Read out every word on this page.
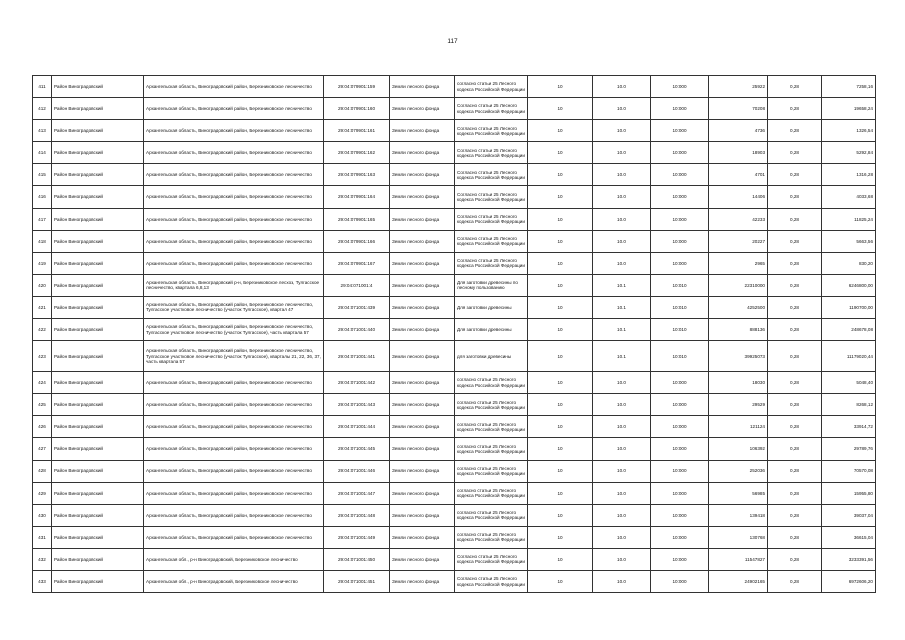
117
411	Район Виноградовский	Архангельская область, Виноградовский район, Березниковское лесничество	29:04:079901:159	Земли лесного фонда	согласно статьи 25 Лесного кодекса Российской Федерации	10	10.0	10:000	25922	0,28	7258,16
412	Район Виноградовский	Архангельская область, Виноградовский район, Березниковское лесничество	29:04:079901:160	Земли лесного фонда	Согласно статьи 25 Лесного кодекса Российской Федерации	10	10.0	10:000	70208	0,28	19658,24
413	Район Виноградовский	Архангельская область, Виноградовский район, Березниковское лесничество	29:04:079901:161	Земли лесного фонда	Согласно статьи 25 Лесного кодекса Российской Федерации	10	10.0	10:000	4736	0,28	1326,54
414	Район Виноградовский	Архангельская область, Виноградовский район, Березниковское лесничество	29:04:079901:162	Земли лесного фонда	Согласно статьи 25 Лесного кодекса Российской Федерации	10	10.0	10:000	18903	0,28	5292,84
415	Район Виноградовский	Архангельская область, Виноградовский район, Березниковское лесничество	29:04:079901:163	Земли лесного фонда	Согласно статьи 25 Лесного кодекса Российской Федерации	10	10.0	10:000	4701	0,28	1316,28
416	Район Виноградовский	Архангельская область, Виноградовский район, Березниковское лесничество	29:04:079901:164	Земли лесного фонда	Согласно статьи 25 Лесного кодекса Российской Федерации	10	10.0	10:000	14406	0,28	4033,68
417	Район Виноградовский	Архангельская область, Виноградовский район, Березниковское лесничество	29:04:079901:165	Земли лесного фонда	Согласно статьи 25 Лесного кодекса Российской Федерации	10	10.0	10:000	42233	0,28	11825,24
418	Район Виноградовский	Архангельская область, Виноградовский район, Березниковское лесничество	29:04:079901:166	Земли лесного фонда	Согласно статьи 25 Лесного кодекса Российской Федерации	10	10.0	10:000	20227	0,28	5663,56
419	Район Виноградовский	Архангельская область, Виноградовский район, Березниковское лесничество	29:04:079901:167	Земли лесного фонда	Согласно статьи 25 Лесного кодекса Российской Федерации	10	10.0	10:000	2965	0,28	830,20
420	Район Виноградовский	Архангельская область, Виноградовский р-н, Березниковское лесхоз, Тулгасское лесничество, квартала 6,8,13	29:04:071001:4	Земли лесного фонда	Для заготовки древесины по лесному пользованию	10	10.1	10:010	22310000	0,28	6246800,00
421	Район Виноградовский	Архангельская область, Виноградовский район, Березниковское лесничество, Тулгасское участковое лесничество (участок Тулгасское), квартал 47	29:04:071001:439	Земли лесного фонда	Для заготовки древесины	10	10.1	10:010	4252500	0,28	1190700,00
422	Район Виноградовский	Архангельская область, Виноградовский район, Березниковское лесничество, Тулгасское участковое лесничество (участок Тулгасское), часть квартала 57	29:04:071001:440	Земли лесного фонда	Для заготовки древесины	10	10.1	10:010	888136	0,28	248678,08
423	Район Виноградовский	Архангельская область, Виноградовский район, Березниковское лесничество, Тулгасское участковое лесничество (участок Тулгасское), кварталы 21, 22, 36, 37, часть квартала 57	29:04:071001:441	Земли лесного фонда	для заготовки древесины	10	10.1	10:010	39925073	0,28	11179020,44
424	Район Виноградовский	Архангельская область, Виноградовский район, Березниковское лесничество	29:04:071001:442	Земли лесного фонда	согласно статьи 25 Лесного кодекса Российской Федерации	10	10.0	10:000	18030	0,28	5048,40
425	Район Виноградовский	Архангельская область, Виноградовский район, Березниковское лесничество	29:04:071001:443	Земли лесного фонда	согласно статьи 25 Лесного кодекса Российской Федерации	10	10.0	10:000	29529	0,28	8268,12
426	Район Виноградовский	Архангельская область, Виноградовский район, Березниковское лесничество	29:04:071001:444	Земли лесного фонда	согласно статьи 25 Лесного кодекса Российской Федерации	10	10.0	10:000	121124	0,28	33914,72
427	Район Виноградовский	Архангельская область, Виноградовский район, Березниковское лесничество	29:04:071001:445	Земли лесного фонда	согласно статьи 25 Лесного кодекса Российской Федерации	10	10.0	10:000	106392	0,28	29789,76
428	Район Виноградовский	Архангельская область, Виноградовский район, Березниковское лесничество	29:04:071001:446	Земли лесного фонда	согласно статьи 25 Лесного кодекса Российской Федерации	10	10.0	10:000	252036	0,28	70570,08
429	Район Виноградовский	Архангельская область, Виноградовский район, Березниковское лесничество	29:04:071001:447	Земли лесного фонда	согласно статьи 25 Лесного кодекса Российской Федерации	10	10.0	10:000	56985	0,28	15955,80
430	Район Виноградовский	Архангельская область, Виноградовский район, Березниковское лесничество	29:04:071001:448	Земли лесного фонда	согласно статьи 25 Лесного кодекса Российской Федерации	10	10.0	10:000	139418	0,28	39037,04
431	Район Виноградовский	Архангельская область, Виноградовский район, Березниковское лесничество	29:04:071001:449	Земли лесного фонда	согласно статьи 25 Лесного кодекса Российской Федерации	10	10.0	10:000	130768	0,28	36615,04
432	Район Виноградовский	Архангельская обл., р-н Виноградовский, Березниковское лесничество	29:04:071001:450	Земли лесного фонда	Согласно статьи 25 Лесного кодекса Российской Федерации	10	10.0	10:000	11547827	0,28	3233391,56
433	Район Виноградовский	Архангельская обл., р-н Виноградовский, Березниковское лесничество	29:04:071001:451	Земли лесного фонда	Согласно статьи 25 Лесного кодекса Российской Федерации	10	10.0	10:000	24902165	0,28	6972606,20
